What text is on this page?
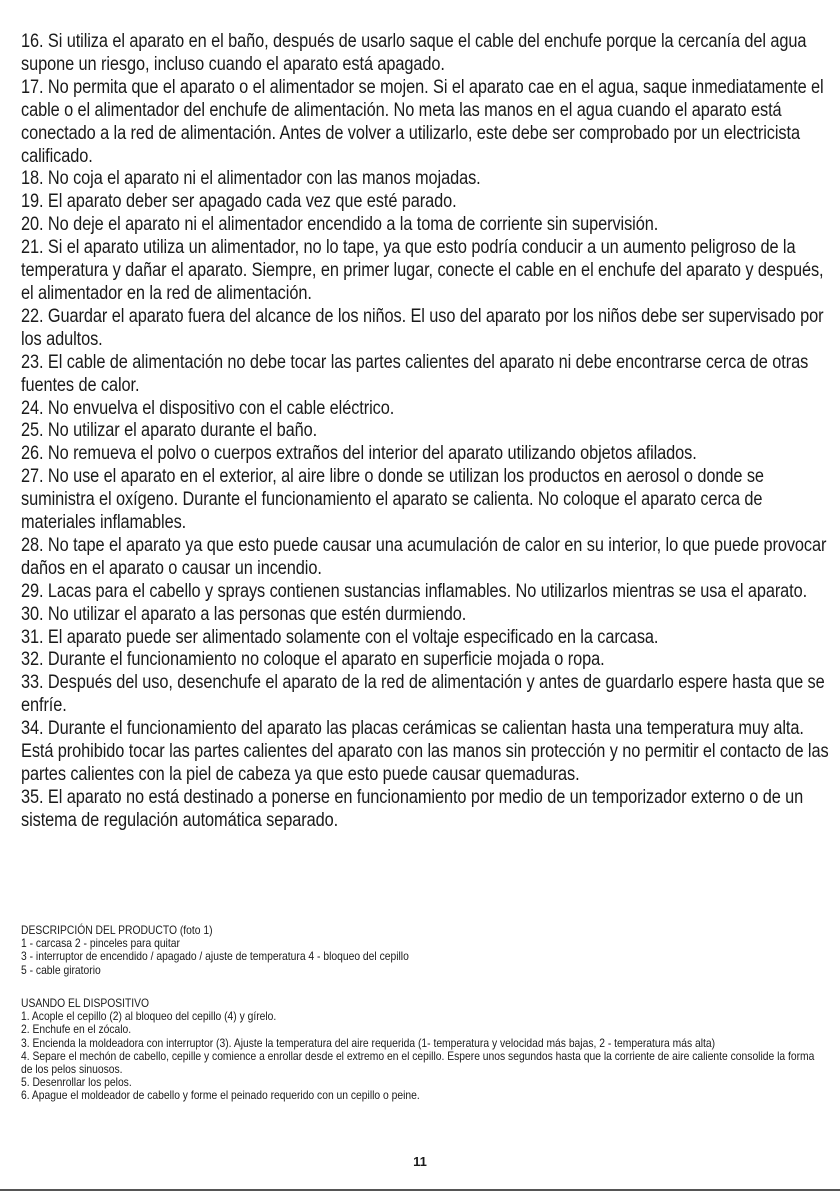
16. Si utiliza el aparato en el baño, después de usarlo saque el cable del enchufe porque la cercanía del agua supone un riesgo, incluso cuando el aparato está apagado.

17. No permita que el aparato o el alimentador se mojen. Si el aparato cae en el agua, saque inmediatamente el cable o el alimentador del enchufe de alimentación. No meta las manos en el agua cuando el aparato está conectado a la red de alimentación. Antes de volver a utilizarlo, este debe ser comprobado por un electricista calificado.

18. No coja el aparato ni el alimentador con las manos mojadas.

19. El aparato deber ser apagado cada vez que esté parado.

20. No deje el aparato ni el alimentador encendido a la toma de corriente sin supervisión.

21. Si el aparato utiliza un alimentador, no lo tape, ya que esto podría conducir a un aumento peligroso de la temperatura y dañar el aparato. Siempre, en primer lugar, conecte el cable en el enchufe del aparato y después, el alimentador en la red de alimentación.

22. Guardar el aparato fuera del alcance de los niños. El uso del aparato por los niños debe ser supervisado por los adultos.

23. El cable de alimentación no debe tocar las partes calientes del aparato ni debe encontrarse cerca de otras fuentes de calor.

24. No envuelva el dispositivo con el cable eléctrico.

25. No utilizar el aparato durante el baño.

26. No remueva el polvo o cuerpos extraños del interior del aparato utilizando objetos afilados.

27. No use el aparato en el exterior, al aire libre o donde se utilizan los productos en aerosol o donde se suministra el oxígeno. Durante el funcionamiento el aparato se calienta. No coloque el aparato cerca de materiales inflamables.

28. No tape el aparato ya que esto puede causar una acumulación de calor en su interior, lo que puede provocar daños en el aparato o causar un incendio.

29. Lacas para el cabello y sprays contienen sustancias inflamables. No utilizarlos mientras se usa el aparato.

30. No utilizar el aparato a las personas que estén durmiendo.

31. El aparato puede ser alimentado solamente con el voltaje especificado en la carcasa.

32. Durante el funcionamiento no coloque el aparato en superficie mojada o ropa.

33. Después del uso, desenchufe el aparato de la red de alimentación y antes de guardarlo espere hasta que se enfríe.

34. Durante el funcionamiento del aparato las placas cerámicas se calientan hasta una temperatura muy alta. Está prohibido tocar las partes calientes del aparato con las manos sin protección y no permitir el contacto de las partes calientes con la piel de cabeza ya que esto puede causar quemaduras.

35. El aparato no está destinado a ponerse en funcionamiento por medio de un temporizador externo o de un sistema de regulación automática separado.

DESCRIPCIÓN DEL PRODUCTO (foto 1)

1 - carcasa 2 - pinceles para quitar

3 - interruptor de encendido / apagado / ajuste de temperatura 4 - bloqueo del cepillo

5 - cable giratorio

USANDO EL DISPOSITIVO

1. Acople el cepillo (2) al bloqueo del cepillo (4) y gírelo.

2. Enchufe en el zócalo.

3. Encienda la moldeadora con interruptor (3). Ajuste la temperatura del aire requerida (1- temperatura y velocidad más bajas, 2 - temperatura más alta)

4. Separe el mechón de cabello, cepille y comience a enrollar desde el extremo en el cepillo. Espere unos segundos hasta que la corriente de aire caliente consolide la forma de los pelos sinuosos.

5. Desenrollar los pelos.

6. Apague el moldeador de cabello y forme el peinado requerido con un cepillo o peine.

11
